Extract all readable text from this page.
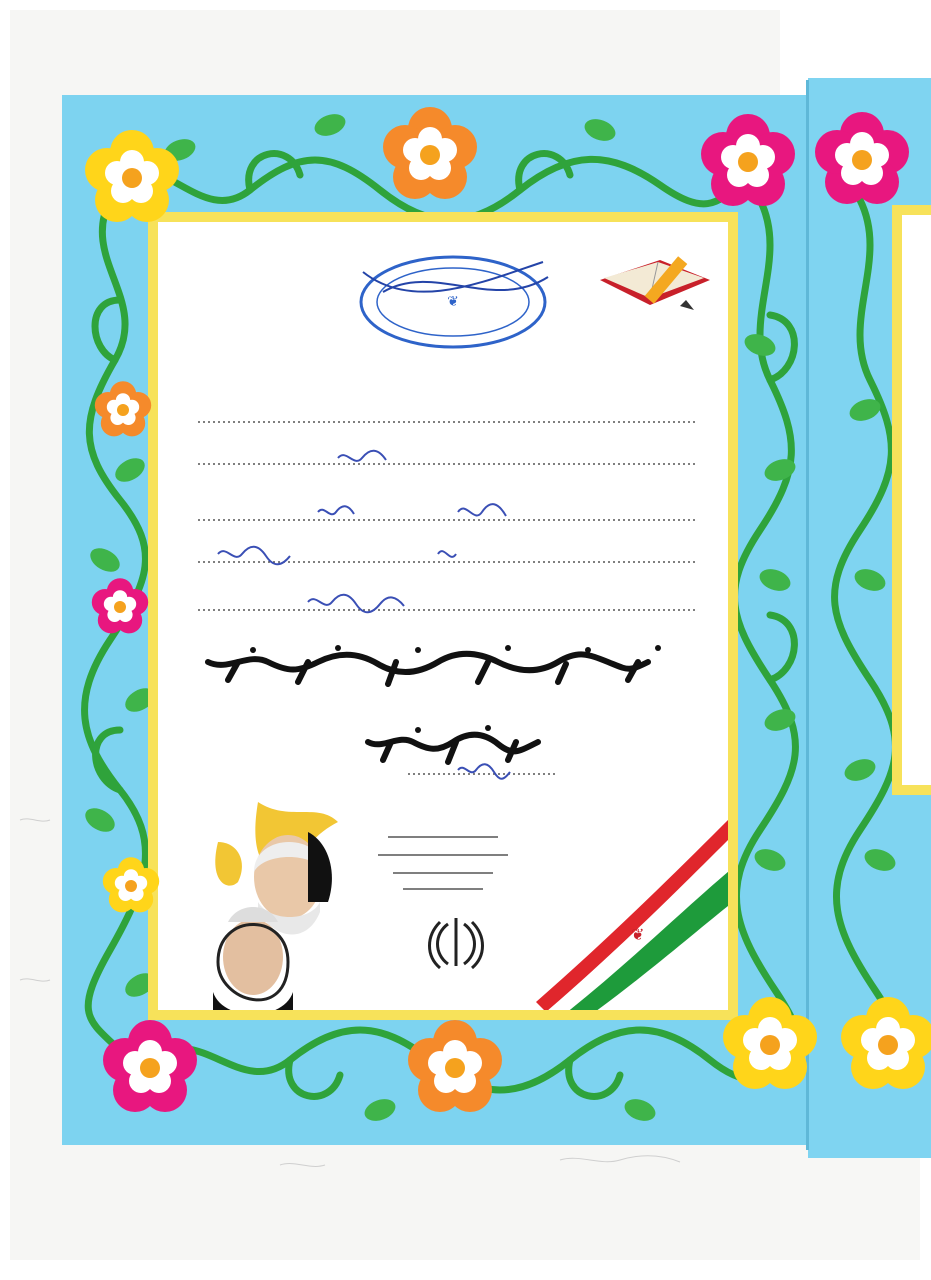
❦
❦
